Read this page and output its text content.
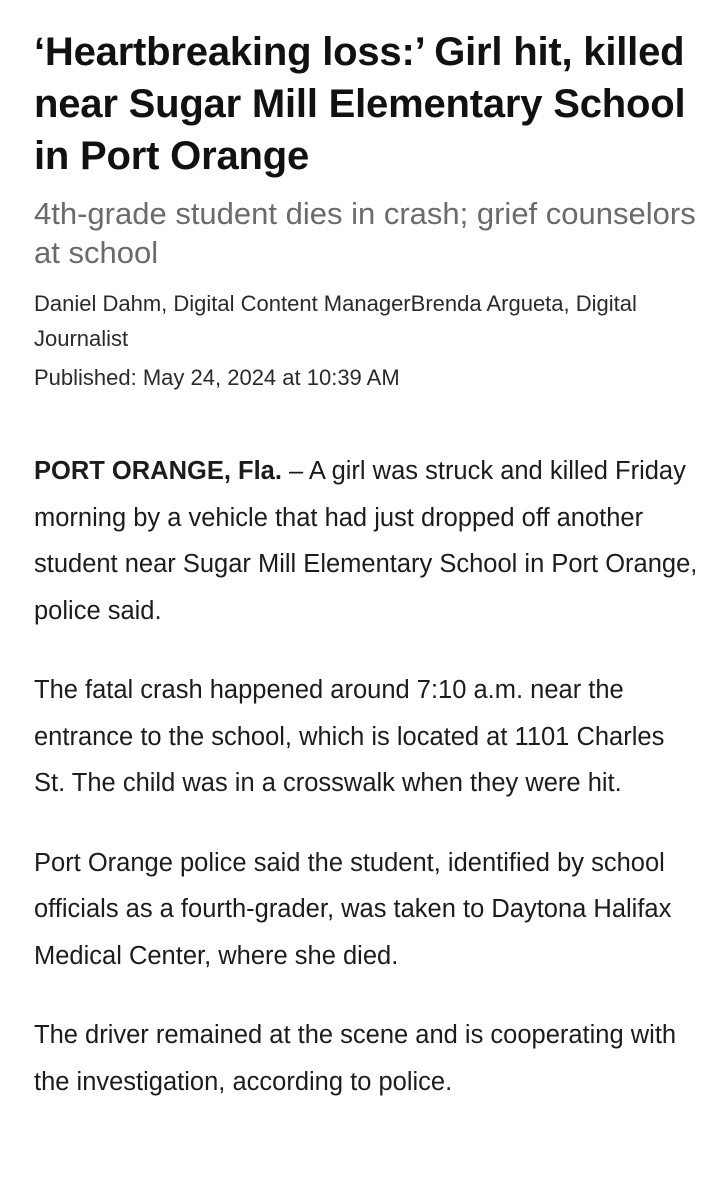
‘Heartbreaking loss:’ Girl hit, killed near Sugar Mill Elementary School in Port Orange
4th-grade student dies in crash; grief counselors at school
Daniel Dahm, Digital Content ManagerBrenda Argueta, Digital Journalist
Published: May 24, 2024 at 10:39 AM

PORT ORANGE, Fla. – A girl was struck and killed Friday morning by a vehicle that had just dropped off another student near Sugar Mill Elementary School in Port Orange, police said.

The fatal crash happened around 7:10 a.m. near the entrance to the school, which is located at 1101 Charles St. The child was in a crosswalk when they were hit.

Port Orange police said the student, identified by school officials as a fourth-grader, was taken to Daytona Halifax Medical Center, where she died.

The driver remained at the scene and is cooperating with the investigation, according to police.
